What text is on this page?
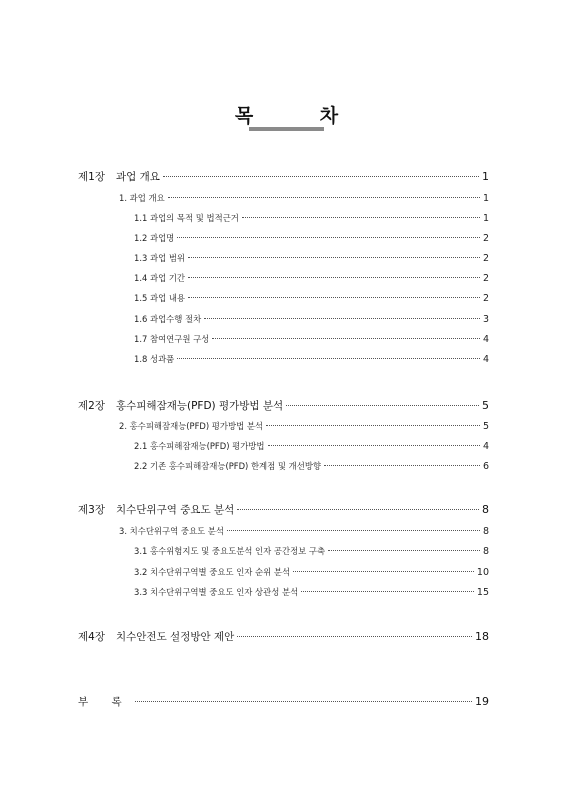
목 차
제1장 과업 개요	1
1. 과업 개요	1
1.1 과업의 목적 및 법적근거	1
1.2 과업명	2
1.3 과업 범위	2
1.4 과업 기간	2
1.5 과업 내용	2
1.6 과업수행 절차	3
1.7 참여연구원 구성	4
1.8 성과품	4
제2장 홍수피해잠재능(PFD) 평가방법 분석	5
2. 홍수피해잠재능(PFD) 평가방법 분석	5
2.1 홍수피해잠재능(PFD) 평가방법	4
2.2 기존 홍수피해잠재능(PFD) 한계점 및 개선방향	6
제3장 치수단위구역 중요도 분석	8
3. 치수단위구역 중요도 분석	8
3.1 홍수위험지도 및 중요도분석 인자 공간정보 구축	8
3.2 치수단위구역별 중요도 인자 순위 분석	10
3.3 치수단위구역별 중요도 인자 상관성 분석	15
제4장 치수안전도 설정방안 제안	18
부 록	19
